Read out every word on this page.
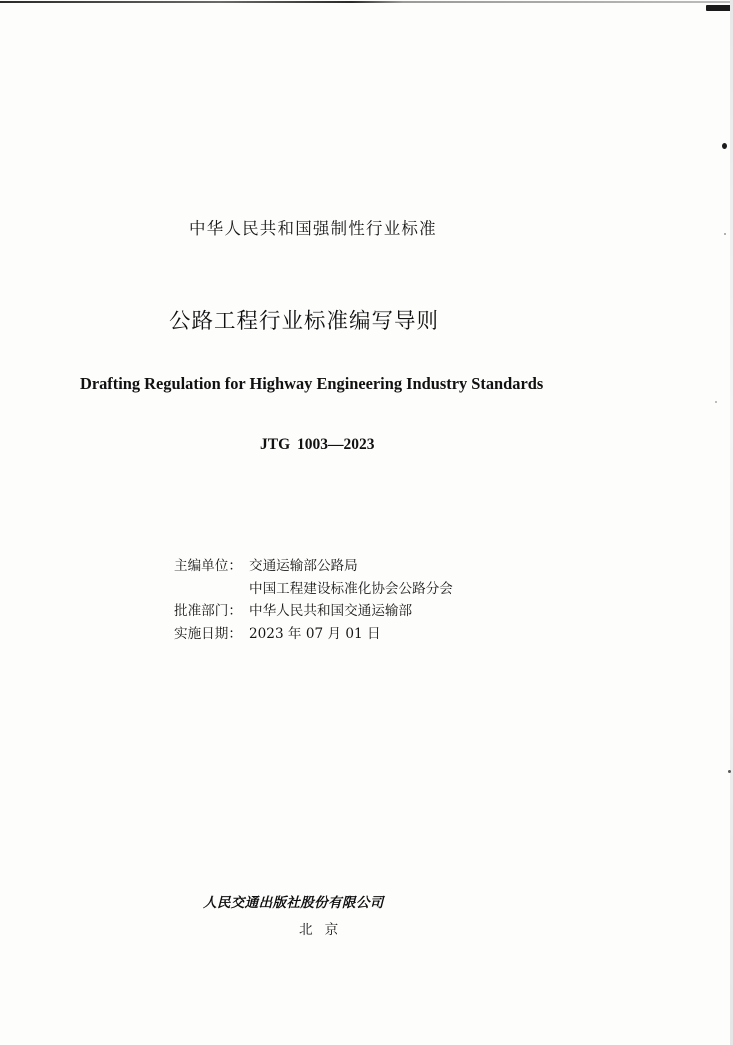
中华人民共和国强制性行业标准
公路工程行业标准编写导则
Drafting Regulation for Highway Engineering Industry Standards
JTG 1003—2023
主编单位： 交通运输部公路局
中国工程建设标准化协会公路分会
批准部门： 中华人民共和国交通运输部
实施日期： 2023 年 07 月 01 日
人民交通出版社股份有限公司
北京
